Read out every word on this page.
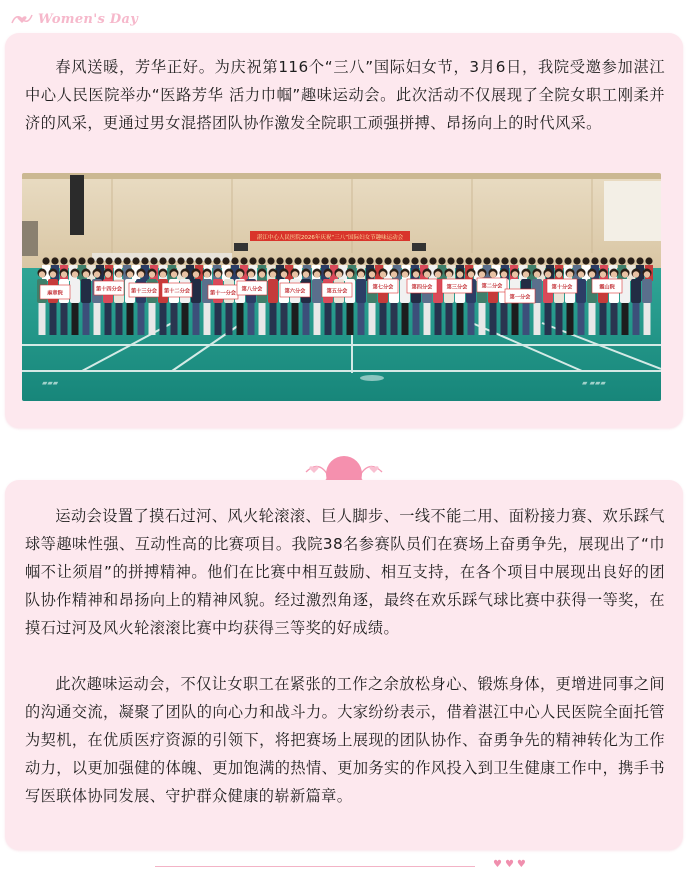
Women's Day

春风送暖，芳华正好。为庆祝第116个“三八”国际妇女节，3月6日，我院受邀参加湛江中心人民医院举办“医路芳华 活力巾帼”趣味运动会。此次活动不仅展现了全院女职工刚柔并济的风采，更通过男女混搭团队协作激发全院职工顽强拼搏、昂扬向上的时代风采。

湛江中心人民医院2026年庆祝“三八”国际妇女节趣味运动会
▰ ▰▰▰
▰▰▰
麻章院
第十四分会 第十三分会 第十二分会	第十一分会
第八分会	第六分会	第五分会
第七分会	第四分会	第三分会	第二分会
第一分会
第十分会	霞山院

运动会设置了摸石过河、风火轮滚滚、巨人脚步、一线不能二用、面粉接力赛、欢乐踩气球等趣味性强、互动性高的比赛项目。我院38名参赛队员们在赛场上奋勇争先，展现出了“巾帼不让须眉”的拼搏精神。他们在比赛中相互鼓励、相互支持，在各个项目中展现出良好的团队协作精神和昂扬向上的精神风貌。经过激烈角逐，最终在欢乐踩气球比赛中获得一等奖，在摸石过河及风火轮滚滚比赛中均获得三等奖的好成绩。

此次趣味运动会，不仅让女职工在紧张的工作之余放松身心、锻炼身体，更增进同事之间的沟通交流，凝聚了团队的向心力和战斗力。大家纷纷表示，借着湛江中心人民医院全面托管为契机，在优质医疗资源的引领下，将把赛场上展现的团队协作、奋勇争先的精神转化为工作动力，以更加强健的体魄、更加饱满的热情、更加务实的作风投入到卫生健康工作中，携手书写医联体协同发展、守护群众健康的崭新篇章。

♥♥♥
